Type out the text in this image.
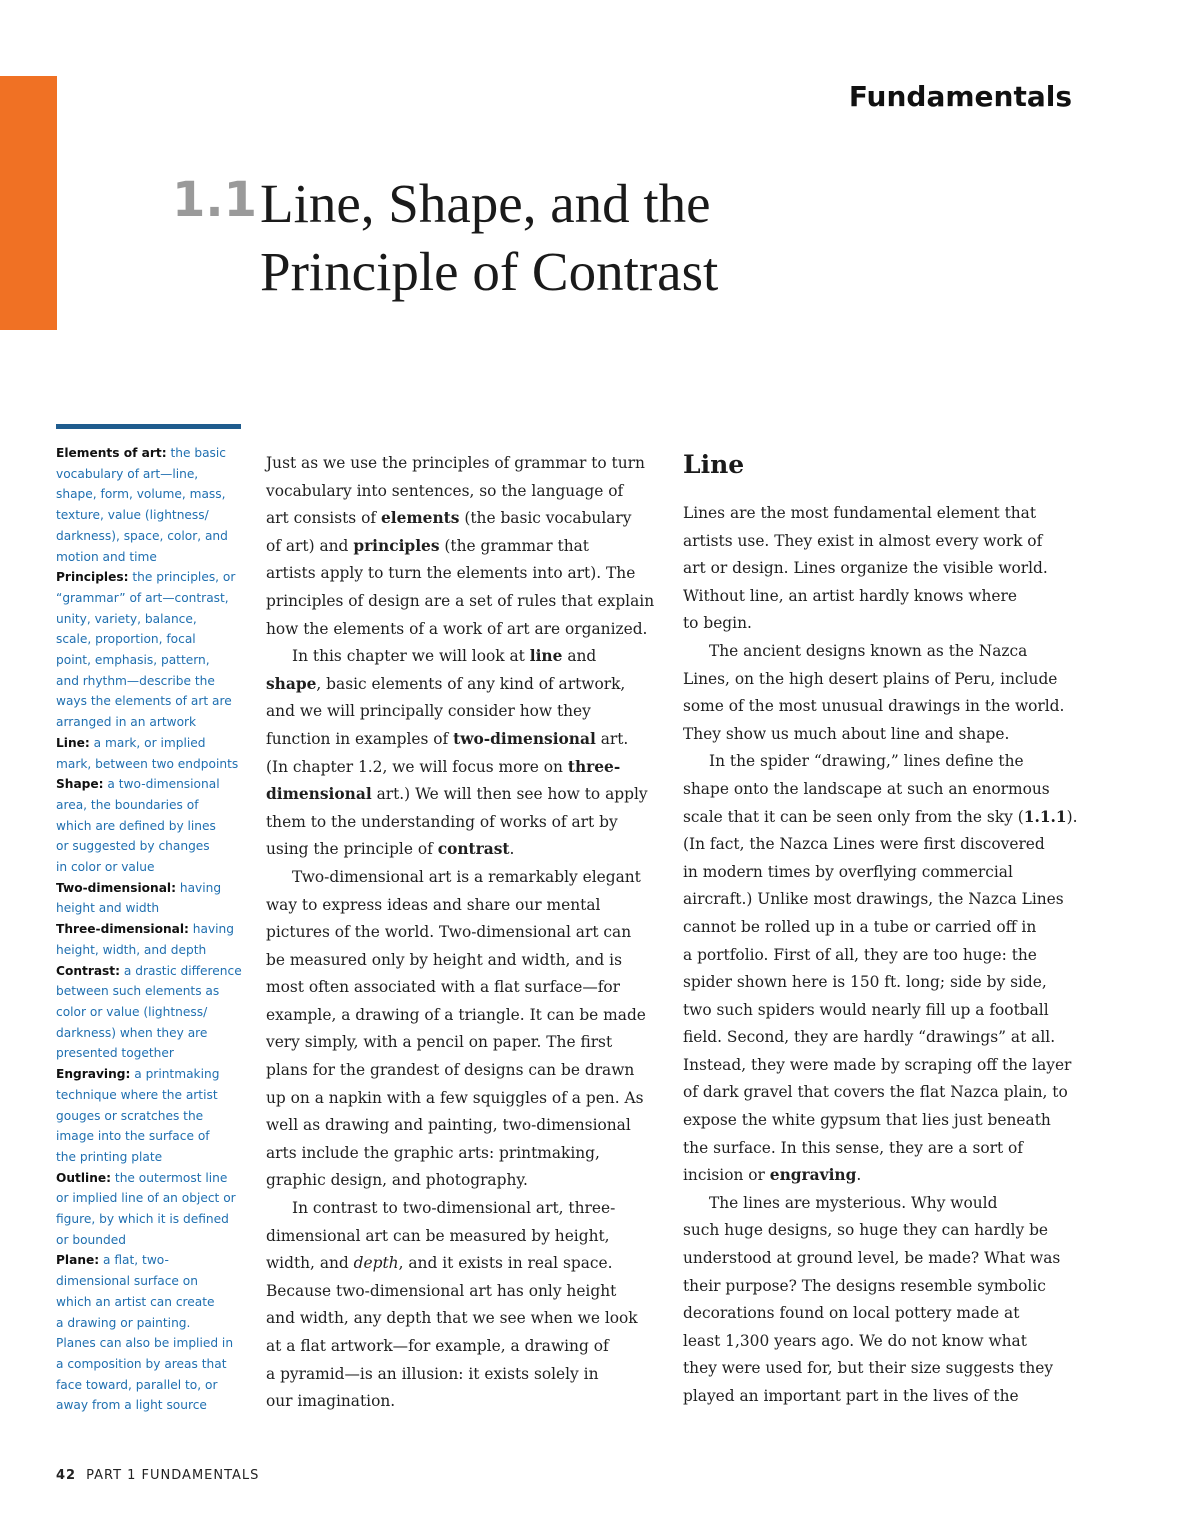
Fundamentals
1.1 Line, Shape, and the
Principle of Contrast
Elements of art: the basic
vocabulary of art—line,
shape, form, volume, mass,
texture, value (lightness/
darkness), space, color, and
motion and time
Principles: the principles, or
“grammar” of art—contrast,
unity, variety, balance,
scale, proportion, focal
point, emphasis, pattern,
and rhythm—describe the
ways the elements of art are
arranged in an artwork
Line: a mark, or implied
mark, between two endpoints
Shape: a two-dimensional
area, the boundaries of
which are defined by lines
or suggested by changes
in color or value
Two-dimensional: having
height and width
Three-dimensional: having
height, width, and depth
Contrast: a drastic difference
between such elements as
color or value (lightness/
darkness) when they are
presented together
Engraving: a printmaking
technique where the artist
gouges or scratches the
image into the surface of
the printing plate
Outline: the outermost line
or implied line of an object or
figure, by which it is defined
or bounded
Plane: a flat, two-
dimensional surface on
which an artist can create
a drawing or painting.
Planes can also be implied in
a composition by areas that
face toward, parallel to, or
away from a light source

Just as we use the principles of grammar to turn
vocabulary into sentences, so the language of
art consists of elements (the basic vocabulary
of art) and principles (the grammar that
artists apply to turn the elements into art). The
principles of design are a set of rules that explain
how the elements of a work of art are organized.

In this chapter we will look at line and
shape, basic elements of any kind of artwork,
and we will principally consider how they
function in examples of two-dimensional art.
(In chapter 1.2, we will focus more on three-
dimensional art.) We will then see how to apply
them to the understanding of works of art by
using the principle of contrast.

Two-dimensional art is a remarkably elegant
way to express ideas and share our mental
pictures of the world. Two-dimensional art can
be measured only by height and width, and is
most often associated with a flat surface—for
example, a drawing of a triangle. It can be made
very simply, with a pencil on paper. The first
plans for the grandest of designs can be drawn
up on a napkin with a few squiggles of a pen. As
well as drawing and painting, two-dimensional
arts include the graphic arts: printmaking,
graphic design, and photography.

In contrast to two-dimensional art, three-
dimensional art can be measured by height,
width, and depth, and it exists in real space.
Because two-dimensional art has only height
and width, any depth that we see when we look
at a flat artwork—for example, a drawing of
a pyramid—is an illusion: it exists solely in
our imagination.

Line

Lines are the most fundamental element that
artists use. They exist in almost every work of
art or design. Lines organize the visible world.
Without line, an artist hardly knows where
to begin.

The ancient designs known as the Nazca
Lines, on the high desert plains of Peru, include
some of the most unusual drawings in the world.
They show us much about line and shape.

In the spider “drawing,” lines define the
shape onto the landscape at such an enormous
scale that it can be seen only from the sky (1.1.1).
(In fact, the Nazca Lines were first discovered
in modern times by overflying commercial
aircraft.) Unlike most drawings, the Nazca Lines
cannot be rolled up in a tube or carried off in
a portfolio. First of all, they are too huge: the
spider shown here is 150 ft. long; side by side,
two such spiders would nearly fill up a football
field. Second, they are hardly “drawings” at all.
Instead, they were made by scraping off the layer
of dark gravel that covers the flat Nazca plain, to
expose the white gypsum that lies just beneath
the surface. In this sense, they are a sort of
incision or engraving.

The lines are mysterious. Why would
such huge designs, so huge they can hardly be
understood at ground level, be made? What was
their purpose? The designs resemble symbolic
decorations found on local pottery made at
least 1,300 years ago. We do not know what
they were used for, but their size suggests they
played an important part in the lives of the

42 PART 1 FUNDAMENTALS
